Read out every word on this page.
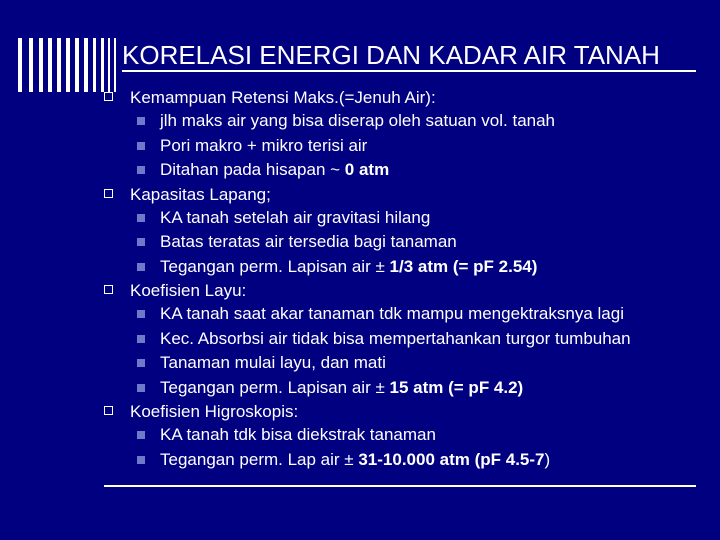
KORELASI ENERGI DAN KADAR AIR TANAH
Kemampuan Retensi Maks.(=Jenuh Air):
jlh maks air yang bisa diserap oleh satuan vol. tanah
Pori makro + mikro terisi air
Ditahan pada hisapan ~ 0 atm
Kapasitas Lapang;
KA tanah setelah air gravitasi hilang
Batas teratas air tersedia bagi tanaman
Tegangan perm. Lapisan air ± 1/3 atm (= pF 2.54)
Koefisien Layu:
KA tanah saat akar tanaman tdk mampu mengektraksnya lagi
Kec. Absorbsi air tidak bisa mempertahankan turgor tumbuhan
Tanaman mulai layu, dan mati
Tegangan perm. Lapisan air ± 15 atm (= pF 4.2)
Koefisien Higroskopis:
KA tanah tdk bisa diekstrak tanaman
Tegangan perm. Lap air ± 31-10.000 atm (pF 4.5-7)
